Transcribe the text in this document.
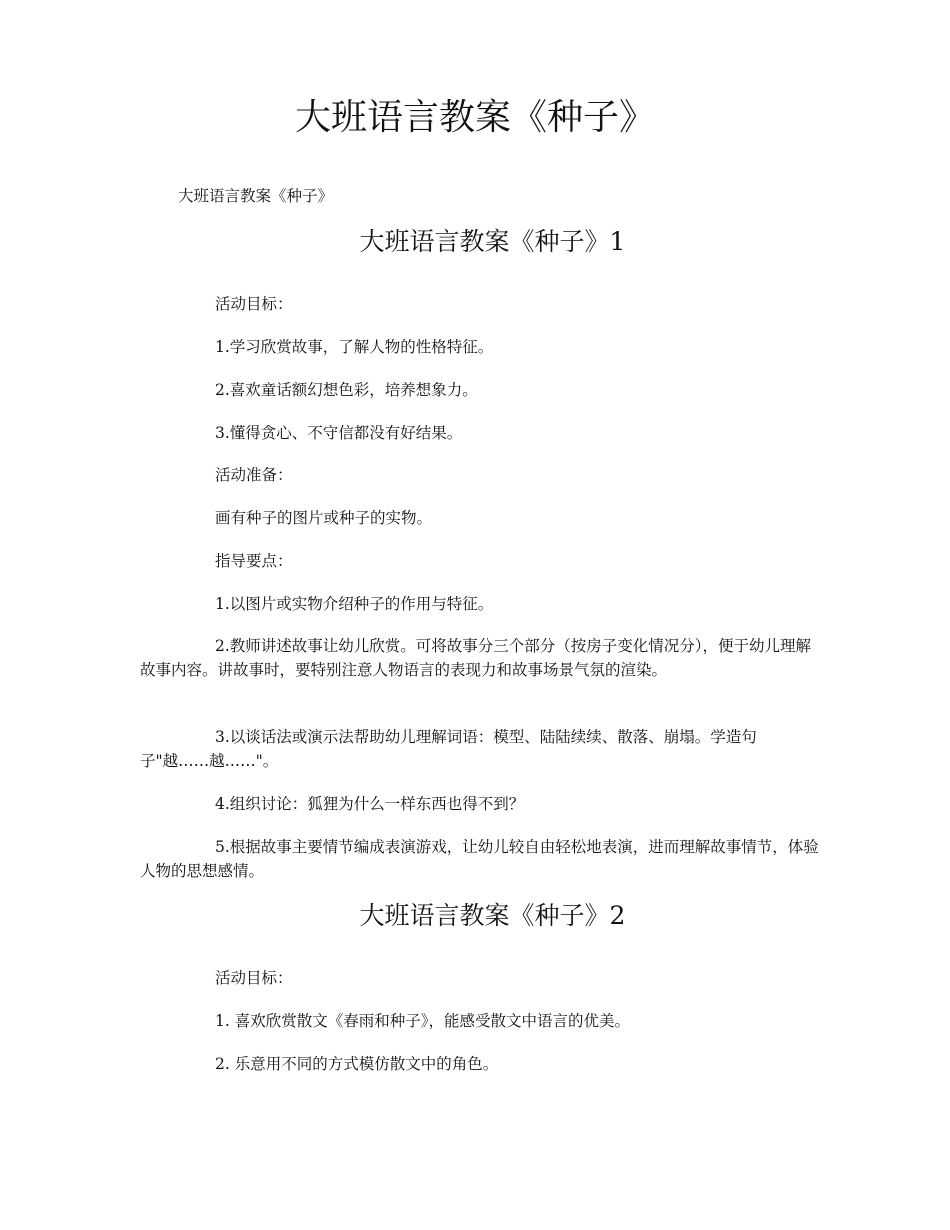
大班语言教案《种子》

大班语言教案《种子》

大班语言教案《种子》1

活动目标：

1.学习欣赏故事，了解人物的性格特征。

2.喜欢童话额幻想色彩，培养想象力。

3.懂得贪心、不守信都没有好结果。

活动准备：

画有种子的图片或种子的实物。

指导要点：

1.以图片或实物介绍种子的作用与特征。

2.教师讲述故事让幼儿欣赏。可将故事分三个部分（按房子变化情况分），便于幼儿理解故事内容。讲故事时，要特别注意人物语言的表现力和故事场景气氛的渲染。

3.以谈话法或演示法帮助幼儿理解词语：模型、陆陆续续、散落、崩塌。学造句子"越……越……"。

4.组织讨论：狐狸为什么一样东西也得不到？

5.根据故事主要情节编成表演游戏，让幼儿较自由轻松地表演，进而理解故事情节，体验人物的思想感情。

大班语言教案《种子》2

活动目标：

1. 喜欢欣赏散文《春雨和种子》，能感受散文中语言的优美。

2. 乐意用不同的方式模仿散文中的角色。
